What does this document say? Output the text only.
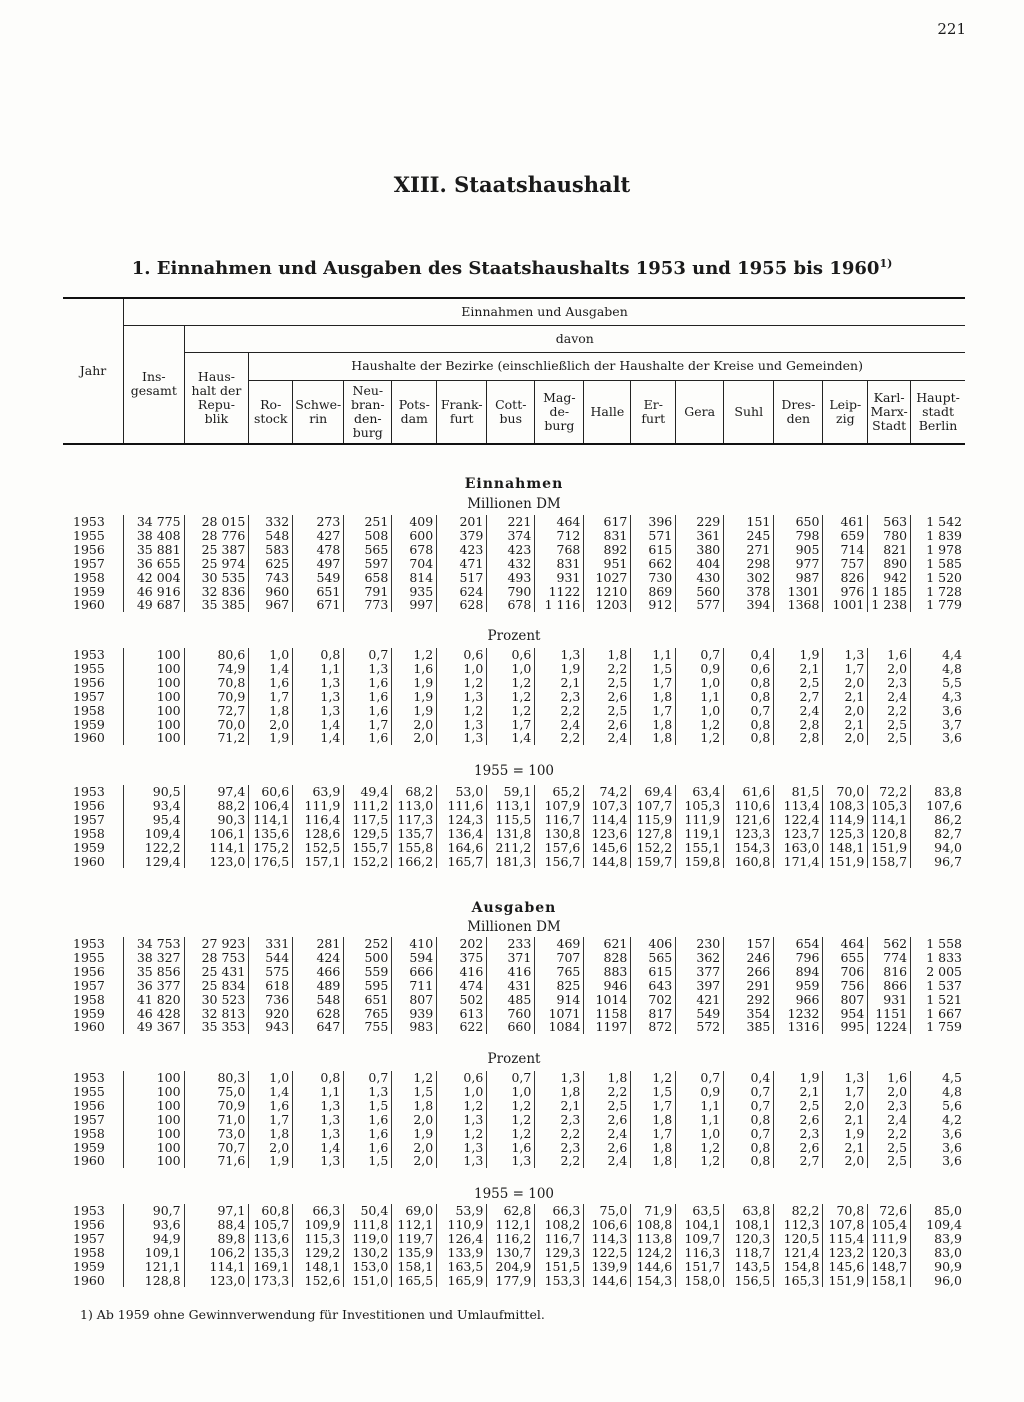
221
XIII. Staatshaushalt
1. Einnahmen und Ausgaben des Staatshaushalts 1953 und 1955 bis 1960$^{1)}$
Jahr	Einnahmen und Ausgaben																
	Ins- gesamt	davon															
		Haus- halt der Repu- blik	Haushalte der Bezirke (einschließlich der Haushalte der Kreise und Gemeinden)														
			Ro- stock	Schwe- rin	Neu- bran- den- burg	Pots- dam	Frank- furt	Cott- bus	Mag- de- burg	Halle	Er- furt	Gera	Suhl	Dres- den	Leip- zig	Karl- Marx- Stadt	Haupt- stadt Berlin
Einnahmen
Millionen DM
1953	34 775	28 015	332	273	251	409	201	221	464	617	396	229	151	650	461	563	1 542
1955	38 408	28 776	548	427	508	600	379	374	712	831	571	361	245	798	659	780	1 839
1956	35 881	25 387	583	478	565	678	423	423	768	892	615	380	271	905	714	821	1 978
1957	36 655	25 974	625	497	597	704	471	432	831	951	662	404	298	977	757	890	1 585
1958	42 004	30 535	743	549	658	814	517	493	931	1027	730	430	302	987	826	942	1 520
1959	46 916	32 836	960	651	791	935	624	790	1122	1210	869	560	378	1301	976	1 185	1 728
1960	49 687	35 385	967	671	773	997	628	678	1 116	1203	912	577	394	1368	1001	1 238	1 779
Prozent
1953	100	80,6	1,0	0,8	0,7	1,2	0,6	0,6	1,3	1,8	1,1	0,7	0,4	1,9	1,3	1,6	4,4
1955	100	74,9	1,4	1,1	1,3	1,6	1,0	1,0	1,9	2,2	1,5	0,9	0,6	2,1	1,7	2,0	4,8
1956	100	70,8	1,6	1,3	1,6	1,9	1,2	1,2	2,1	2,5	1,7	1,0	0,8	2,5	2,0	2,3	5,5
1957	100	70,9	1,7	1,3	1,6	1,9	1,3	1,2	2,3	2,6	1,8	1,1	0,8	2,7	2,1	2,4	4,3
1958	100	72,7	1,8	1,3	1,6	1,9	1,2	1,2	2,2	2,5	1,7	1,0	0,7	2,4	2,0	2,2	3,6
1959	100	70,0	2,0	1,4	1,7	2,0	1,3	1,7	2,4	2,6	1,8	1,2	0,8	2,8	2,1	2,5	3,7
1960	100	71,2	1,9	1,4	1,6	2,0	1,3	1,4	2,2	2,4	1,8	1,2	0,8	2,8	2,0	2,5	3,6
1955 = 100
1953	90,5	97,4	60,6	63,9	49,4	68,2	53,0	59,1	65,2	74,2	69,4	63,4	61,6	81,5	70,0	72,2	83,8
1956	93,4	88,2	106,4	111,9	111,2	113,0	111,6	113,1	107,9	107,3	107,7	105,3	110,6	113,4	108,3	105,3	107,6
1957	95,4	90,3	114,1	116,4	117,5	117,3	124,3	115,5	116,7	114,4	115,9	111,9	121,6	122,4	114,9	114,1	86,2
1958	109,4	106,1	135,6	128,6	129,5	135,7	136,4	131,8	130,8	123,6	127,8	119,1	123,3	123,7	125,3	120,8	82,7
1959	122,2	114,1	175,2	152,5	155,7	155,8	164,6	211,2	157,6	145,6	152,2	155,1	154,3	163,0	148,1	151,9	94,0
1960	129,4	123,0	176,5	157,1	152,2	166,2	165,7	181,3	156,7	144,8	159,7	159,8	160,8	171,4	151,9	158,7	96,7
Ausgaben
Millionen DM
1953	34 753	27 923	331	281	252	410	202	233	469	621	406	230	157	654	464	562	1 558
1955	38 327	28 753	544	424	500	594	375	371	707	828	565	362	246	796	655	774	1 833
1956	35 856	25 431	575	466	559	666	416	416	765	883	615	377	266	894	706	816	2 005
1957	36 377	25 834	618	489	595	711	474	431	825	946	643	397	291	959	756	866	1 537
1958	41 820	30 523	736	548	651	807	502	485	914	1014	702	421	292	966	807	931	1 521
1959	46 428	32 813	920	628	765	939	613	760	1071	1158	817	549	354	1232	954	1151	1 667
1960	49 367	35 353	943	647	755	983	622	660	1084	1197	872	572	385	1316	995	1224	1 759
Prozent
1953	100	80,3	1,0	0,8	0,7	1,2	0,6	0,7	1,3	1,8	1,2	0,7	0,4	1,9	1,3	1,6	4,5
1955	100	75,0	1,4	1,1	1,3	1,5	1,0	1,0	1,8	2,2	1,5	0,9	0,7	2,1	1,7	2,0	4,8
1956	100	70,9	1,6	1,3	1,5	1,8	1,2	1,2	2,1	2,5	1,7	1,1	0,7	2,5	2,0	2,3	5,6
1957	100	71,0	1,7	1,3	1,6	2,0	1,3	1,2	2,3	2,6	1,8	1,1	0,8	2,6	2,1	2,4	4,2
1958	100	73,0	1,8	1,3	1,6	1,9	1,2	1,2	2,2	2,4	1,7	1,0	0,7	2,3	1,9	2,2	3,6
1959	100	70,7	2,0	1,4	1,6	2,0	1,3	1,6	2,3	2,6	1,8	1,2	0,8	2,6	2,1	2,5	3,6
1960	100	71,6	1,9	1,3	1,5	2,0	1,3	1,3	2,2	2,4	1,8	1,2	0,8	2,7	2,0	2,5	3,6
1955 = 100
1953	90,7	97,1	60,8	66,3	50,4	69,0	53,9	62,8	66,3	75,0	71,9	63,5	63,8	82,2	70,8	72,6	85,0
1956	93,6	88,4	105,7	109,9	111,8	112,1	110,9	112,1	108,2	106,6	108,8	104,1	108,1	112,3	107,8	105,4	109,4
1957	94,9	89,8	113,6	115,3	119,0	119,7	126,4	116,2	116,7	114,3	113,8	109,7	120,3	120,5	115,4	111,9	83,9
1958	109,1	106,2	135,3	129,2	130,2	135,9	133,9	130,7	129,3	122,5	124,2	116,3	118,7	121,4	123,2	120,3	83,0
1959	121,1	114,1	169,1	148,1	153,0	158,1	163,5	204,9	151,5	139,9	144,6	151,7	143,5	154,8	145,6	148,7	90,9
1960	128,8	123,0	173,3	152,6	151,0	165,5	165,9	177,9	153,3	144,6	154,3	158,0	156,5	165,3	151,9	158,1	96,0
1) Ab 1959 ohne Gewinnverwendung für Investitionen und Umlaufmittel.
